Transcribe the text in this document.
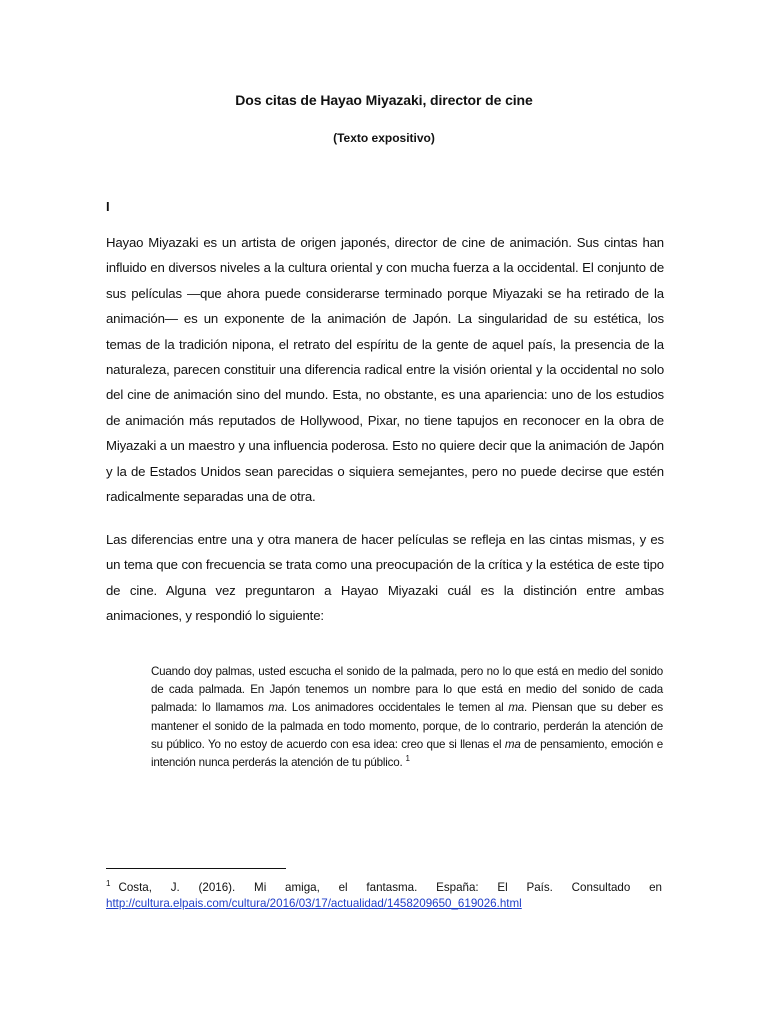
Dos citas de Hayao Miyazaki, director de cine
(Texto expositivo)
I

Hayao Miyazaki es un artista de origen japonés, director de cine de animación. Sus cintas han influido en diversos niveles a la cultura oriental y con mucha fuerza a la occidental. El conjunto de sus películas —que ahora puede considerarse terminado porque Miyazaki se ha retirado de la animación— es un exponente de la animación de Japón. La singularidad de su estética, los temas de la tradición nipona, el retrato del espíritu de la gente de aquel país, la presencia de la naturaleza, parecen constituir una diferencia radical entre la visión oriental y la occidental no solo del cine de animación sino del mundo. Esta, no obstante, es una apariencia: uno de los estudios de animación más reputados de Hollywood, Pixar, no tiene tapujos en reconocer en la obra de Miyazaki a un maestro y una influencia poderosa. Esto no quiere decir que la animación de Japón y la de Estados Unidos sean parecidas o siquiera semejantes, pero no puede decirse que estén radicalmente separadas una de otra.

Las diferencias entre una y otra manera de hacer películas se refleja en las cintas mismas, y es un tema que con frecuencia se trata como una preocupación de la crítica y la estética de este tipo de cine. Alguna vez preguntaron a Hayao Miyazaki cuál es la distinción entre ambas animaciones, y respondió lo siguiente:

Cuando doy palmas, usted escucha el sonido de la palmada, pero no lo que está en medio del sonido de cada palmada. En Japón tenemos un nombre para lo que está en medio del sonido de cada palmada: lo llamamos ma. Los animadores occidentales le temen al ma. Piensan que su deber es mantener el sonido de la palmada en todo momento, porque, de lo contrario, perderán la atención de su público. Yo no estoy de acuerdo con esa idea: creo que si llenas el ma de pensamiento, emoción e intención nunca perderás la atención de tu público. $^1$

$^1$ Costa, J. (2016). Mi amiga, el fantasma. España: El País. Consultado en
http://cultura.elpais.com/cultura/2016/03/17/actualidad/1458209650_619026.html
